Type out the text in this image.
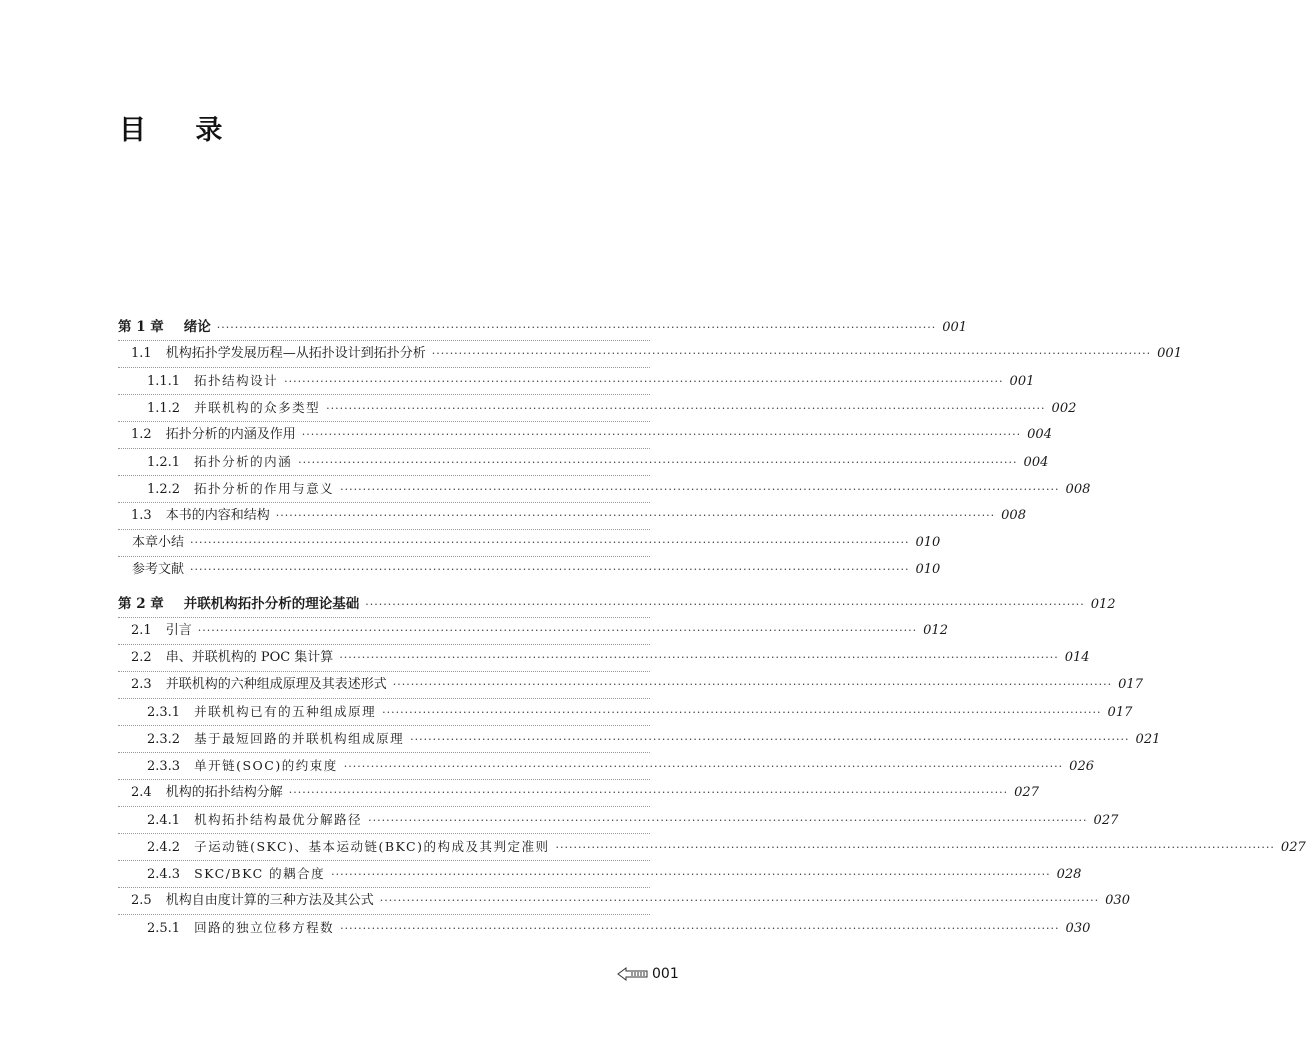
目 录
第 1 章 绪论 ································································································································································ 001
1.1 机构拓扑学发展历程—从拓扑设计到拓扑分析 ································································································································································ 001
1.1.1 拓扑结构设计 ································································································································································ 001
1.1.2 并联机构的众多类型 ································································································································································ 002
1.2 拓扑分析的内涵及作用 ································································································································································ 004
1.2.1 拓扑分析的内涵 ································································································································································ 004
1.2.2 拓扑分析的作用与意义 ································································································································································ 008
1.3 本书的内容和结构 ································································································································································ 008
本章小结 ································································································································································ 010
参考文献 ································································································································································ 010
第 2 章 并联机构拓扑分析的理论基础 ································································································································································ 012
2.1 引言 ································································································································································ 012
2.2 串、并联机构的 POC 集计算 ································································································································································ 014
2.3 并联机构的六种组成原理及其表述形式 ································································································································································ 017
2.3.1 并联机构已有的五种组成原理 ································································································································································ 017
2.3.2 基于最短回路的并联机构组成原理 ································································································································································ 021
2.3.3 单开链(SOC)的约束度 ································································································································································ 026
2.4 机构的拓扑结构分解 ································································································································································ 027
2.4.1 机构拓扑结构最优分解路径 ································································································································································ 027
2.4.2 子运动链(SKC)、基本运动链(BKC)的构成及其判定准则 ································································································································································ 027
2.4.3 SKC/BKC 的耦合度 ································································································································································ 028
2.5 机构自由度计算的三种方法及其公式 ································································································································································ 030
2.5.1 回路的独立位移方程数 ································································································································································ 030
001
